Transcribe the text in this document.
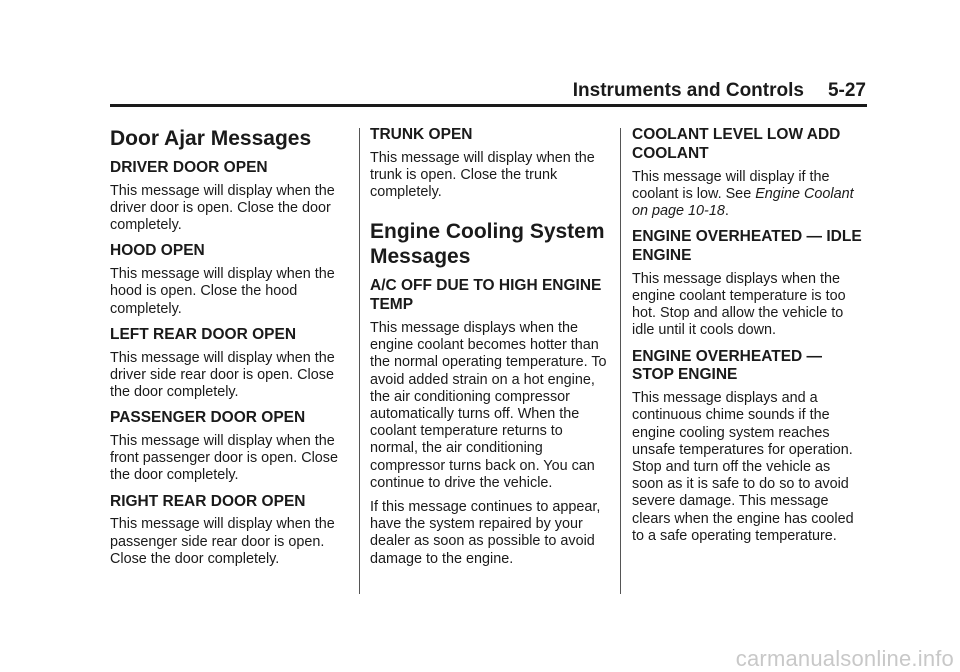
Instruments and Controls 5-27
Door Ajar Messages
DRIVER DOOR OPEN

This message will display when the driver door is open. Close the door completely.

HOOD OPEN

This message will display when the hood is open. Close the hood completely.

LEFT REAR DOOR OPEN

This message will display when the driver side rear door is open. Close the door completely.

PASSENGER DOOR OPEN

This message will display when the front passenger door is open. Close the door completely.

RIGHT REAR DOOR OPEN

This message will display when the passenger side rear door is open. Close the door completely.

TRUNK OPEN

This message will display when the trunk is open. Close the trunk completely.

Engine Cooling System Messages
A/C OFF DUE TO HIGH ENGINE TEMP

This message displays when the engine coolant becomes hotter than the normal operating temperature. To avoid added strain on a hot engine, the air conditioning compressor automatically turns off. When the coolant temperature returns to normal, the air conditioning compressor turns back on. You can continue to drive the vehicle.

If this message continues to appear, have the system repaired by your dealer as soon as possible to avoid damage to the engine.

COOLANT LEVEL LOW ADD COOLANT

This message will display if the coolant is low. See Engine Coolant on page 10-18.

ENGINE OVERHEATED — IDLE ENGINE

This message displays when the engine coolant temperature is too hot. Stop and allow the vehicle to idle until it cools down.

ENGINE OVERHEATED — STOP ENGINE

This message displays and a continuous chime sounds if the engine cooling system reaches unsafe temperatures for operation. Stop and turn off the vehicle as soon as it is safe to do so to avoid severe damage. This message clears when the engine has cooled to a safe operating temperature.

carmanualsonline.info
